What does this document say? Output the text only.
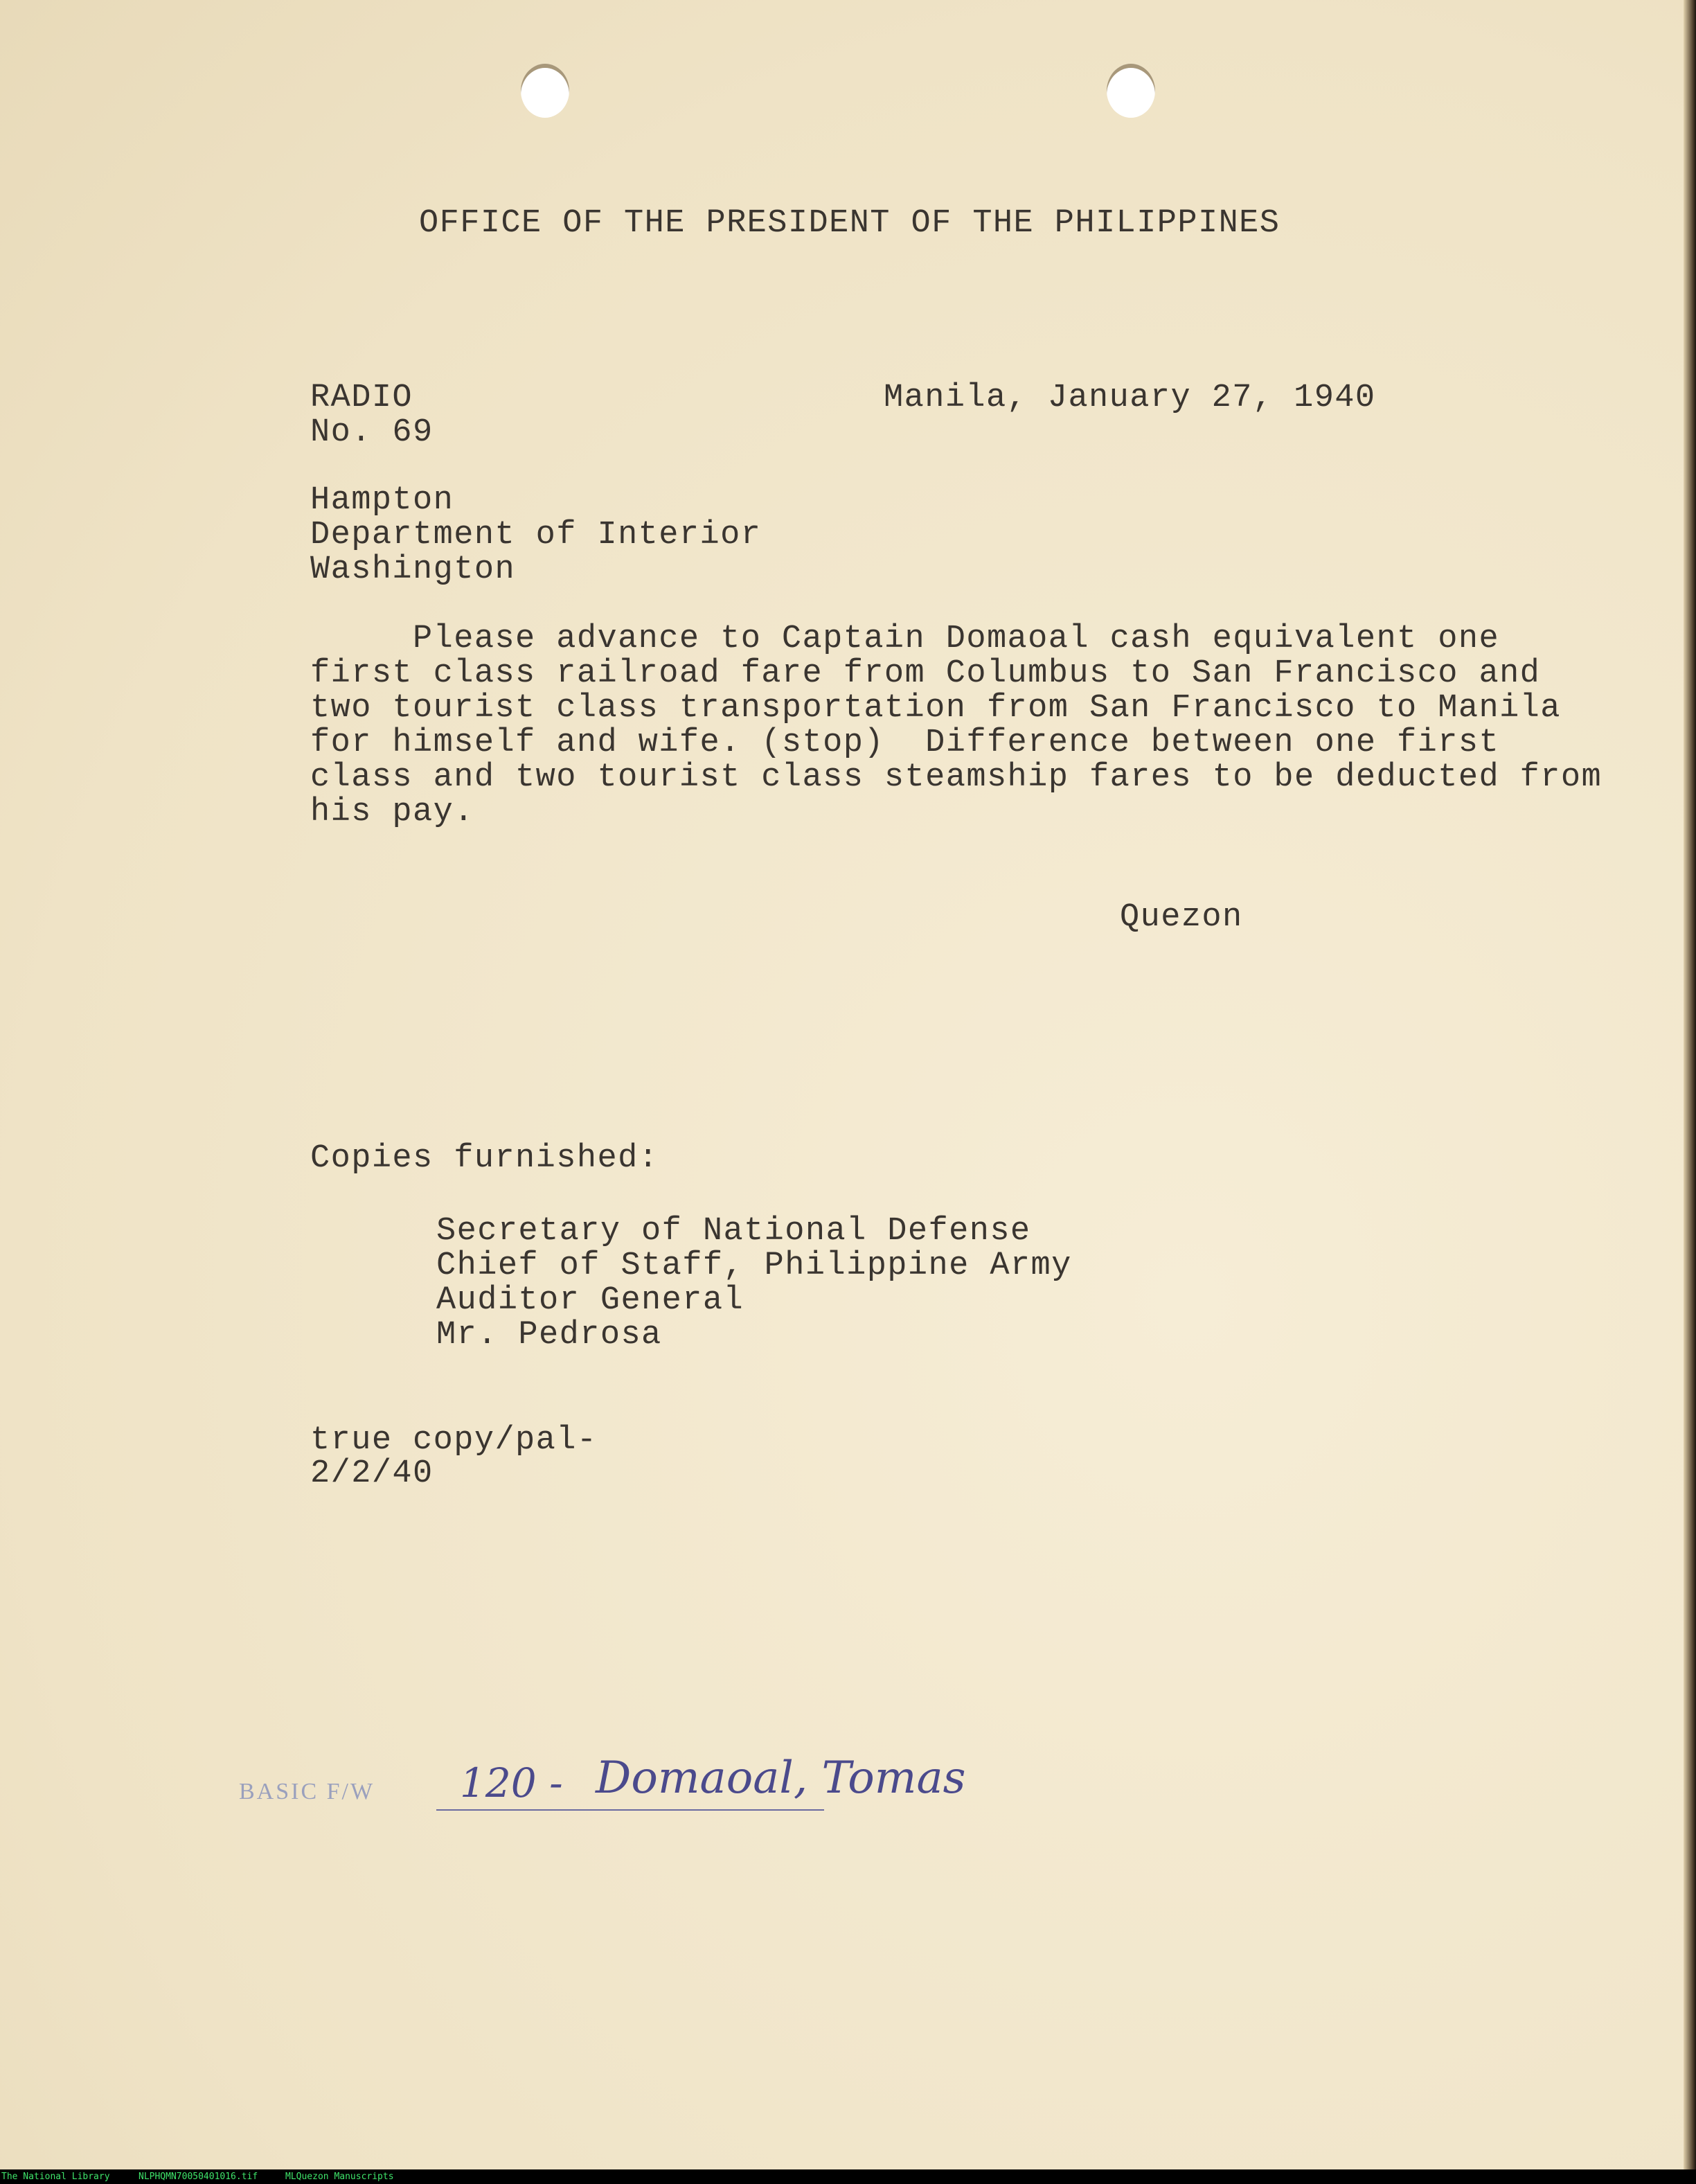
OFFICE OF THE PRESIDENT OF THE PHILIPPINES
RADIO
No. 69
Manila, January 27, 1940
Hampton
Department of Interior
Washington
Please advance to Captain Domaoal cash equivalent one
first class railroad fare from Columbus to San Francisco and
two tourist class transportation from San Francisco to Manila
for himself and wife. (stop)  Difference between one first
class and two tourist class steamship fares to be deducted from
his pay.
Quezon
Copies furnished:
Secretary of National Defense
Chief of Staff, Philippine Army
Auditor General
Mr. Pedrosa
true copy/pal-
2/2/40
BASIC F/W 120 - Domaoal, Tomas
The National Library	NLPHQMN70050401016.tif	MLQuezon Manuscripts
